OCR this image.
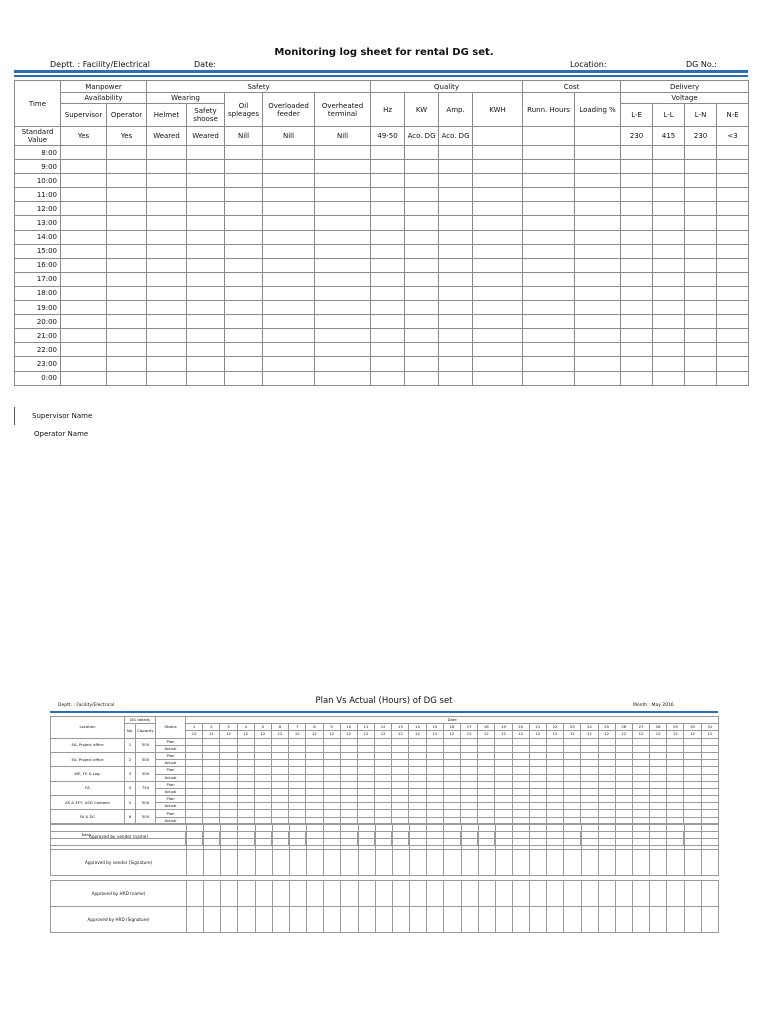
Monitoring log sheet for rental DG set.
Deptt. : Facility/Electrical	Date:	Location:	DG No.:
Time	Manpower		Safety					Quality				Cost		Delivery			
	Availability		Wearing		Oil spleages	Overloaded feeder	Overheated terminal	Hz	KW	Amp.	KWH	Runn. Hours	Loading %	Voltage			
	Supervisor	Operator	Helmet	Safety shoose										L-E	L-L	L-N	N-E
Standard Value	Yes	Yes	Weared	Weared	Nill	Nill	Nill	49-50	Aco. DG	Aco. DG				230	415	230	<3
8:00																	
9:00																	
10:00																	
11:00																	
12:00																	
13:00																	
14:00																	
15:00																	
16:00																	
17:00																	
18:00																	
19:00																	
20:00																	
21:00																	
22:00																	
23:00																	
0:00																	
Supervisor Name
Operator Name
Plan Vs Actual (Hours) of DG set
Deptt. : Facility/Electrical	Month : May 2016
Location	DG details		Status	Date																														
	No.	Capacity		1	2	3	4	5	6	7	8	9	10	11	12	13	14	15	16	17	18	19	20	21	22	23	24	25	26	27	28	29	30	31
				12	12	12	12	12	12	12	12	12	12	12	12	12	12	12	12	12	12	12	12	12	12	12	12	12	12	12	12	12	12	12
EA- Project office	1	500	Plan																															
			Actual																															
EA- Project office	2	500	Plan																															
			Actual																															
WE, FE & Log.	3	500	Plan																															
			Actual																															
FA	4	750	Plan																															
			Actual																															
AS & EFY, ASG Canteen	5	500	Plan																															
			Actual																															
FA & DC	6	500	Plan																															
			Actual																															

Total																																		
																															Approved by vendor (name)																															
Approved by vendor (Signature)																															
Approved by HRD (name)																															
Approved by HRD (Signature)																															
